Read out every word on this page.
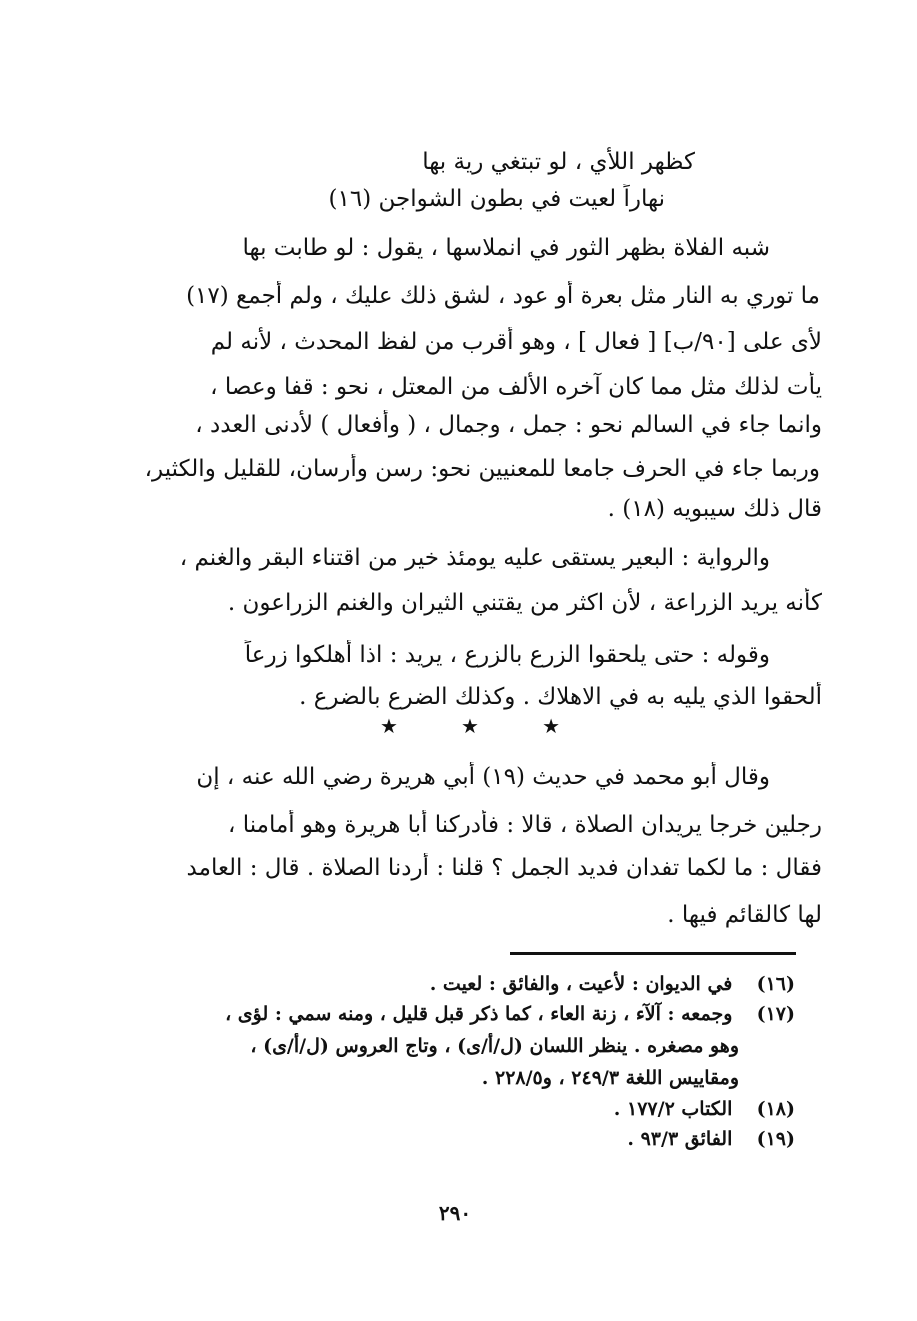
كظهر اللأي ، لو تبتغي رية بها
نهاراً لعيت في بطون الشواجن (١٦)
شبه الفلاة بظهر الثور في انملاسها ، يقول : لو طابت بها
ما توري به النار مثل بعرة أو عود ، لشق ذلك عليك ، ولم أجمع (١٧)
لأى على [٩٠/ب] [ فعال ] ، وهو أقرب من لفظ المحدث ، لأنه لم
يأت لذلك مثل مما كان آخره الألف من المعتل ، نحو : قفا وعصا ،
وانما جاء في السالم نحو : جمل ، وجمال ، ( وأفعال ) لأدنى العدد ،
وربما جاء في الحرف جامعا للمعنيين نحو: رسن وأرسان، للقليل والكثير،
قال ذلك سيبويه (١٨) .
والرواية : البعير يستقى عليه يومئذ خير من اقتناء البقر والغنم ،
كأنه يريد الزراعة ، لأن اكثر من يقتني الثيران والغنم الزراعون .
وقوله : حتى يلحقوا الزرع بالزرع ، يريد : اذا أهلكوا زرعاً
ألحقوا الذي يليه به في الاهلاك . وكذلك الضرع بالضرع .
★	★	★
وقال أبو محمد في حديث (١٩) أبي هريرة رضي الله عنه ، إن
رجلين خرجا يريدان الصلاة ، قالا : فأدركنا أبا هريرة وهو أمامنا ،
فقال : ما لكما تفدان فديد الجمل ؟ قلنا : أردنا الصلاة . قال : العامد
لها كالقائم فيها .
(١٦) في الديوان : لأعيت ، والفائق : لعيت .
(١٧) وجمعه : آلآء ، زنة العاء ، كما ذكر قبل قليل ، ومنه سمي : لؤى ،
وهو مصغره . ينظر اللسان (ل/أ/ى) ، وتاج العروس (ل/أ/ى) ،
ومقاييس اللغة ٢٤٩/٣ ، و٢٢٨/٥ .
(١٨) الكتاب ١٧٧/٢ .
(١٩) الفائق ٩٣/٣ .
٢٩٠
